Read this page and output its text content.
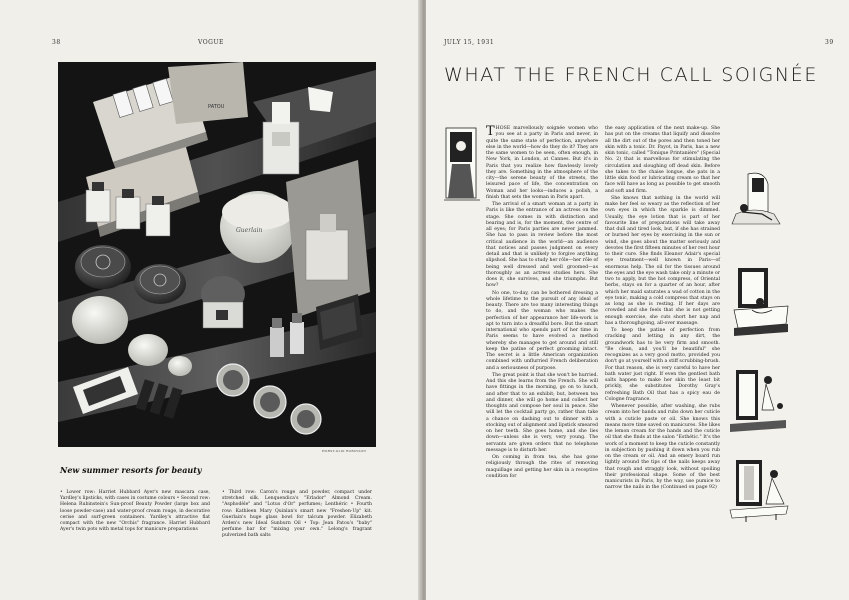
38	VOGUE
PATOU
Guerlain
HORST-GLIK ROBINSON
New summer resorts for beauty
• Lower row: Harriet Hubbard Ayer's new mascara case, Yardley's lipsticks, with cases in costume colours • Second row: Helena Rubinstein's Sun-proof Beauty Powder (large box and loose powder-case) and water-proof cream rouge, in decorative cerise and surf-green containers. Yardley's attractive flat compact with the new "Orchis" fragrance. Harriet Hubbard Ayer's twin pots with metal tops for manicure preparations
• Third row: Caron's rouge and powder, compact under stretched silk. Lenquendica's "Erlador" Almond Cream. "Asphodèle" and "Lotus d'Or" perfumes; Lenthéric • Fourth row: Kathleen Mary Quinlan's smart new "Freshen-Up" kit. Guerlain's huge glass bowl for talcum powder. Elizabeth Arden's new Ideal Sunburn Oil • Top: Jean Patou's "baby" perfume bar for "mixing your own." Lelong's fragrant pulverized bath salts
JULY 15, 1931	39
WHAT THE FRENCH CALL SOIGNÉE

THOSE marvellously soignée women who you see at a party in Paris and never, in quite the same state of perfection, anywhere else in the world—how do they do it? They are the same women to be seen, often enough, in New York, in London, at Cannes. But it's in Paris that you realize how flawlessly lovely they are. Something in the atmosphere of the city—the serene beauty of the streets, the leisured pace of life, the concentration on Woman and her looks—induces a polish, a finish that sets the woman in Paris apart.

The arrival of a smart woman at a party in Paris is like the entrance of an actress on the stage. She comes in with distinction and bearing and is, for the moment, the centre of all eyes; for Paris parties are never jammed. She has to pass in review before the most critical audience in the world—an audience that notices and passes judgment on every detail and that is unlikely to forgive anything slipshod. She has to study her rôle—her rôle of being well dressed and well groomed—as thoroughly as an actress studies hers. She does it, she survives, and she triumphs. But how?

No one, to-day, can be bothered dressing a whole lifetime to the pursuit of any ideal of beauty. There are too many interesting things to do, and the woman who makes the perfection of her appearance her life-work is apt to turn into a dreadful bore. But the smart international who spends part of her time in Paris seems to have evolved a method whereby she manages to get around and still keep the patine of perfect grooming intact. The secret is a little American organization combined with unflurried French deliberation and a seriousness of purpose.

The great point is that she won't be hurried. And this she learns from the French. She will have fittings in the morning, go on to lunch, and after that to an exhibit; but, between tea and dinner, she will go home and collect her thoughts and compose her soul in peace. She will let the cocktail party go, rather than take a chance on dashing out to dinner with a stocking out of alignment and lipstick smeared on her teeth. She goes home, and she lies down—unless she is very, very young. The servants are given orders that no telephone message is to disturb her.

On coming in from tea, she has gone religiously through the rites of removing maquillage and getting her skin in a receptive condition for

the easy application of the next make-up. She has put on the creams that liquify and dissolve all the dirt out of the pores and then toned her skin with a tonic. Dr. Payot, in Paris, has a new skin tonic, called "Tonique Printanière" (Special No. 2) that is marvellous for stimulating the circulation and sloughing off dead skin. Before she takes to the chaise longue, she pats in a little skin food or lubricating cream so that her face will have as long as possible to get smooth and soft and firm.

She knows that nothing in the world will make her feel so weary as the reflection of her own eyes in which the sparkle is dimmed. Usually, the eye lotion that is part of her favourite line of preparations will take away that dull and tired look, but, if she has strained or burned her eyes by exercising in the sun or wind, she goes about the matter seriously and devotes the first fifteen minutes of her rest hour to their cure. She finds Eleanor Adair's special eye treatment—well known in Paris—of enormous help. The oil for the tissues around the eyes and the eye wash take only a minute or two to apply, but the hot compress, of Oriental herbs, stays on for a quarter of an hour, after which her maid saturates a wad of cotton in the eye tonic, making a cold compress that stays on as long as she is resting. If her days are crowded and she feels that she is not getting enough exercise, she cuts short her nap and has a thoroughgoing, all-over massage.

To keep the patine of perfection from cracking and letting in any dirt, the groundwork has to be very firm and smooth. "Be clean, and you'll be beautiful" she recognizes as a very good motto, provided you don't go at yourself with a stiff scrubbing-brush. For that reason, she is very careful to have her bath water just right. If even the gentlest bath salts happen to make her skin the least bit prickly, she substitutes Dorothy Gray's refreshing Bath Oil that has a spicy eau de Cologne fragrance.

Whenever possible, after washing, she rubs cream into her hands and rubs down her cuticle with a cuticle paste or oil. She knows this means more time saved on manicures. She likes the lemon cream for the hands and the cuticle oil that she finds at the salon "Esthétic." It's the work of a moment to keep the cuticle constantly in subjection by pushing it down when you rub on the cream or oil. And an emery board run lightly around the tips of the nails keeps away that rough and straggly look, without spoiling their professional shape. Some of the best manicurists in Paris, by the way, use pumice to narrow the nails in the (Continued on page 92)
